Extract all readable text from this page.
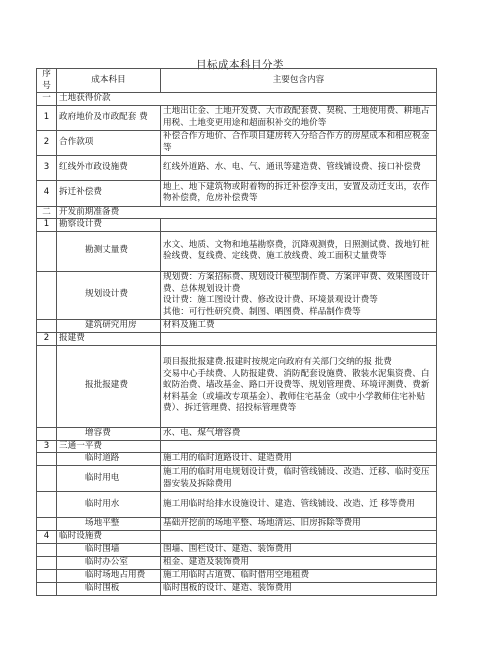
目标成本科目分类
序号	成本科目	主要包含内容
一	土地获得价款	
1	政府地价及市政配套 费	土地出让金、土地开发费、大市政配套费、契税、土地使用费、耕地占用税、土地变更用途和超面积补交的地价等
2	合作款项	补偿合作方地价、合作项目建房转入分给合作方的房屋成本和相应税金等
3	红线外市政设施费	红线外道路、水、电、气、通讯等建造费、管线铺设费、接口补偿费
4	拆迁补偿费	地上、地下建筑物或附着物的拆迁补偿净支出，安置及动迁支出，农作物补偿费，危房补偿费等
二	开发前期准备费	
1	勘察设计费	
	勘测丈量费	水文、地质、文物和地基勘察费，沉降观测费，日照测试费、拨地钉桩验线费、复线费、定线费、施工放线费、竣工面积丈量费等
	规划设计费	规划费：方案招标费、规划设计模型制作费、方案评审费、效果图设计费、总体规划设计费
设计费：施工图设计费、修改设计费、环境景观设计费等
其他：可行性研究费、制图、晒图费、样品制作费等
	建筑研究用房	材料及施工费
2	报建费	
	报批报建费	项目报批报建费.报建时按规定向政府有关部门交纳的报 批费
交易中心手续费、人防报建费、消防配套设施费、散装水泥集资费、白蚁防治费、墙改基金、路口开设费等、规划管理费、环境评测费、费新材料基金（或墙改专项基金）、教师住宅基金（或中小学教师住宅补贴费）、拆迁管理费、招投标管理费等
	增容费	水、电、煤气增容费
3	三通一平费	
	临时道路	施工用的临时道路设计、建造费用
	临时用电	施工用的临时用电规划设计费，临时管线铺设、改造、迁移、临时变压器安装及拆除费用
	临时用水	施工用临时给排水设施设计、建造、管线铺设、改造、迁 移等费用
	场地平整	基础开挖前的场地平整、场地清运、旧房拆除等费用
4	临时设施费	
	临时围墙	围墙、围栏设计、建造、装饰费用
	临时办公室	租金、建造及装饰费用
	临时场地占用费	施工用临时占道费、临时借用空地租费
	临时围板	临时围板的设计、建造、装饰费用
